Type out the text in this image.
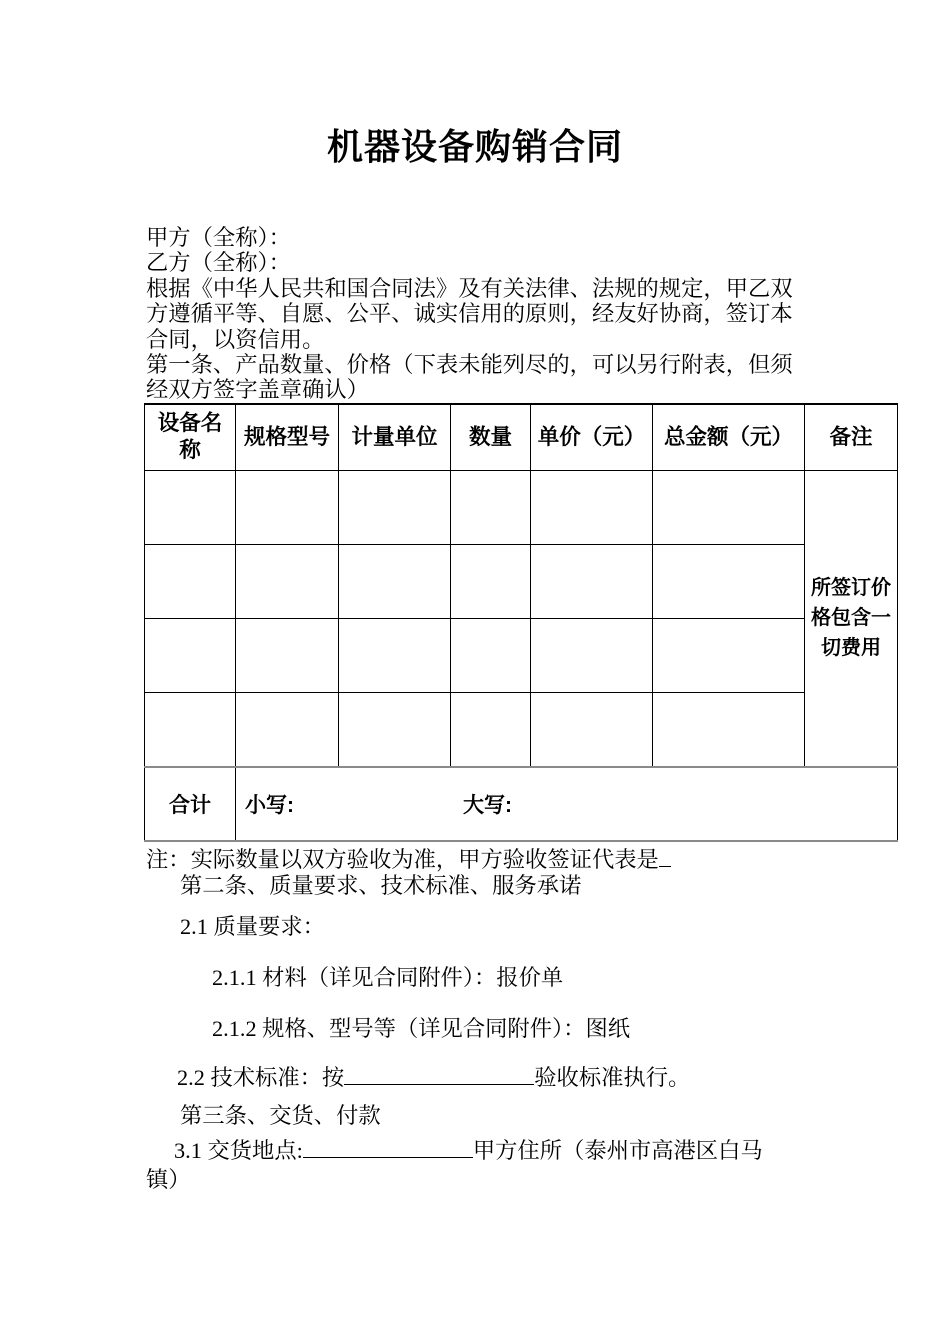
机器设备购销合同
甲方（全称）：
乙方（全称）：
根据《中华人民共和国合同法》及有关法律、法规的规定，甲乙双
方遵循平等、自愿、公平、诚实信用的原则，经友好协商，签订本
合同，以资信用。
第一条、产品数量、价格（下表未能列尽的，可以另行附表，但须
经双方签字盖章确认）
设备名称	规格型号	计量单位	数量	单价（元）	总金额（元）	备注
						所签订价格包含一切费用

合计	小写: 大写:					
注：实际数量以双方验收为准，甲方验收签证代表是
第二条、质量要求、技术标准、服务承诺
2.1 质量要求：
2.1.1 材料（详见合同附件）：报价单
2.1.2 规格、型号等（详见合同附件）：图纸
2.2 技术标准：按	验收标准执行。
第三条、交货、付款
3.1 交货地点:	甲方住所（泰州市高港区白马
镇）
